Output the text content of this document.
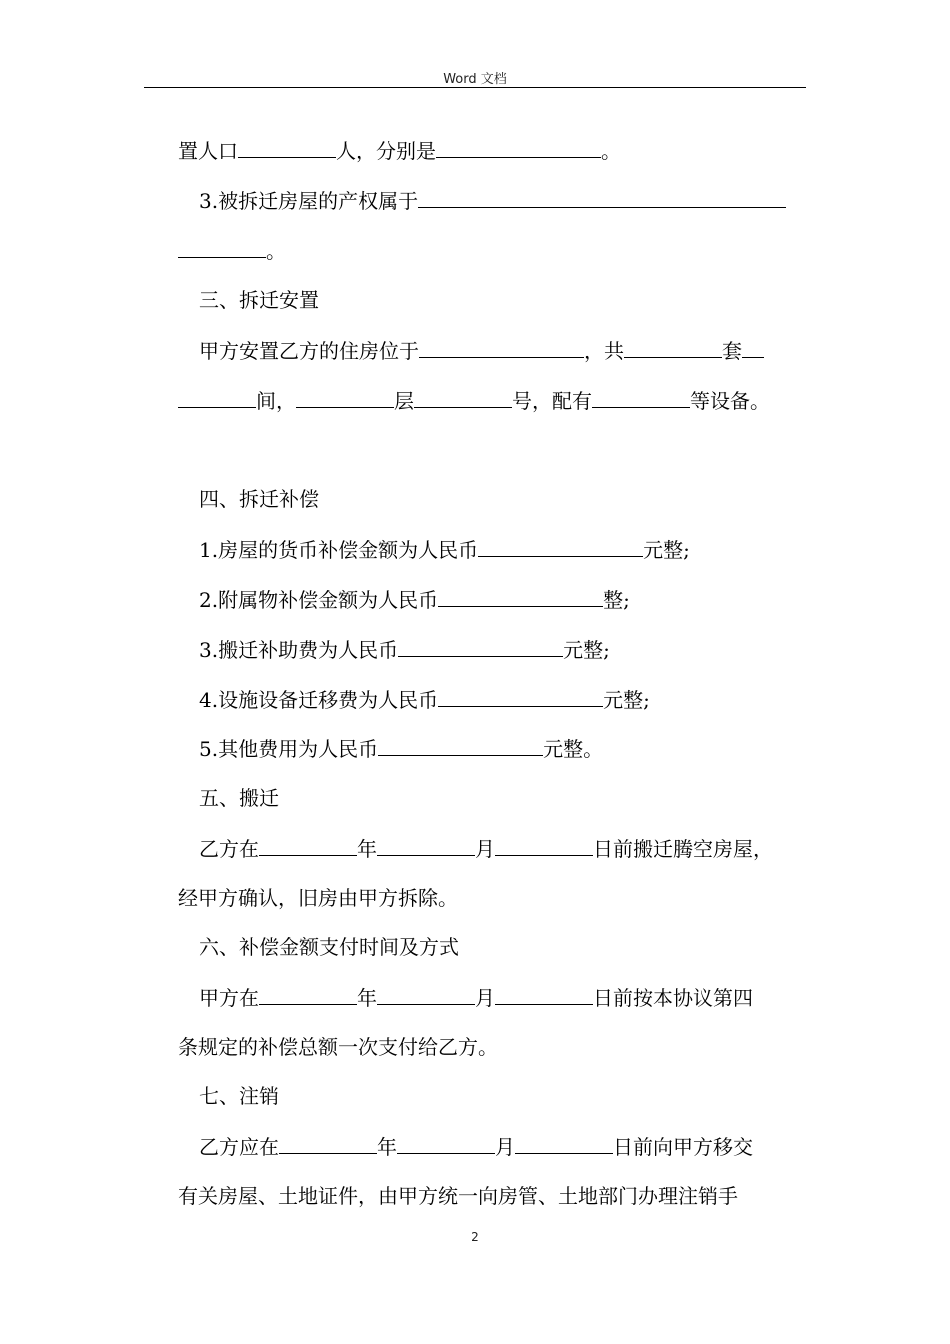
Word 文档
置人口	人，分别是	。
3.被拆迁房屋的产权属于
。
三、拆迁安置
甲方安置乙方的住房位于	，共	套
间，	层	号，配有	等设备。
四、拆迁补偿
1.房屋的货币补偿金额为人民币	元整;
2.附属物补偿金额为人民币	整;
3.搬迁补助费为人民币	元整;
4.设施设备迁移费为人民币	元整;
5.其他费用为人民币	元整。
五、搬迁
乙方在	年	月	日前搬迁腾空房屋，
经甲方确认，旧房由甲方拆除。
六、补偿金额支付时间及方式
甲方在	年	月	日前按本协议第四
条规定的补偿总额一次支付给乙方。
七、注销
乙方应在	年	月	日前向甲方移交
有关房屋、土地证件，由甲方统一向房管、土地部门办理注销手
2
